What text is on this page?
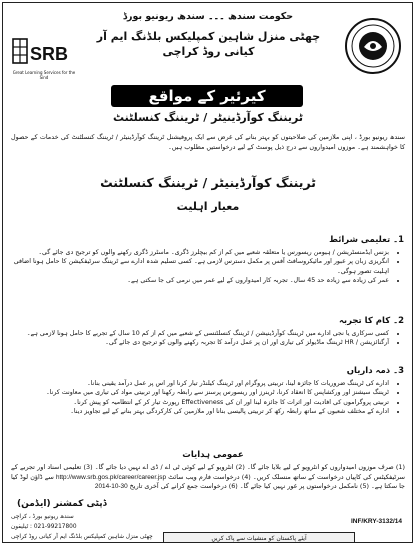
SRB
Great Learning Services for the Sind
حکومت سندھ ۔۔۔ سندھ ریونیو بورڈ
چھٹی منزل شاہین کمپلیکس بلڈنگ ایم آر کیانی روڈ کراچی
کیرئیر کے مواقع
ٹریننگ کوآرڈینیٹر / ٹریننگ کنسلٹنٹ
سندھ ریونیو بورڈ ، اپنی ملازمین کی صلاحیتوں کو بہتر بنانے کی غرض سے ایک پروفیشنل ٹریننگ کوآرڈینیٹر / ٹریننگ کنسلٹنٹ کی خدمات کے حصول کا خواہشمند ہے۔ موزوں امیدواروں سے درج ذیل پوسٹ کے لیے درخواستیں مطلوب ہیں۔
ٹریننگ کوآرڈینیٹر / ٹریننگ کنسلٹنٹ
معیار اہلیت
1۔ تعلیمی شرائط
• بزنس ایڈمنسٹریشن / ہیومن ریسورس یا متعلقہ شعبے میں کم از کم بیچلرز ڈگری۔ ماسٹرز ڈگری رکھنے والوں کو ترجیح دی جائے گی۔
• انگریزی زبان پر عبور اور مائیکروسافٹ آفس پر مکمل دسترس لازمی ہے۔ کسی تسلیم شدہ ادارے سے ٹریننگ سرٹیفکیشن کا حامل ہونا اضافی اہلیت تصور ہوگی۔
• عمر کی زیادہ سے زیادہ حد 45 سال۔ تجربہ کار امیدواروں کے لیے عمر میں نرمی کی جا سکتی ہے۔
2۔ کام کا تجربہ
• کسی سرکاری یا نجی ادارے میں ٹریننگ کوآرڈینیشن / ٹریننگ کنسلٹنسی کے شعبے میں کم از کم 10 سال کے تجربے کا حامل ہونا لازمی ہے۔
• آرگنائزیشن / HR ٹریننگ ماڈیولز کی تیاری اور ان پر عمل درآمد کا تجربہ رکھنے والوں کو ترجیح دی جائے گی۔
3۔ ذمہ داریاں
• ادارے کی ٹریننگ ضروریات کا جائزہ لینا، تربیتی پروگرام اور ٹریننگ کیلنڈر تیار کرنا اور اس پر عمل درآمد یقینی بنانا۔
• ٹریننگ سیشنز اور ورکشاپس کا انعقاد کرنا، ٹرینرز اور ریسورس پرسنز سے رابطہ رکھنا اور تربیتی مواد کی تیاری میں معاونت کرنا۔
• تربیتی پروگراموں کی افادیت اور اثرات کا جائزہ لینا اور ان کی Effectiveness رپورٹ تیار کر کے انتظامیہ کو پیش کرنا۔
• ادارے کے مختلف شعبوں کے ساتھ رابطہ رکھ کر تربیتی پالیسی بنانا اور ملازمین کی کارکردگی بہتر بنانے کے لیے تجاویز دینا۔
عمومی ہدایات
(1) صرف موزوں امیدواروں کو انٹرویو کے لیے بلایا جائے گا۔ (2) انٹرویو کے لیے کوئی ٹی اے / ڈی اے نہیں دیا جائے گا۔ (3) تعلیمی اسناد اور تجربے کے سرٹیفکیٹس کی کاپیاں درخواست کے ساتھ منسلک کریں۔ (4) درخواست فارم ویب سائٹ http://www.srb.gos.pk/career/career.jsp سے ڈاؤن لوڈ کیا جا سکتا ہے۔ (5) نامکمل درخواستوں پر غور نہیں کیا جائے گا۔ (6) درخواست جمع کرانے کی آخری تاریخ 30-10-2014
ڈپٹی کمشنر (ایڈمن)
سندھ ریونیو بورڈ ، کراچی
021-99217800 : ٹیلیفون
چھٹی منزل شاہین کمپلیکس بلڈنگ ایم آر کیانی روڈ کراچی
INF/KRY-3132/14
آیئے پاکستان کو منشیات سے پاک کریں
